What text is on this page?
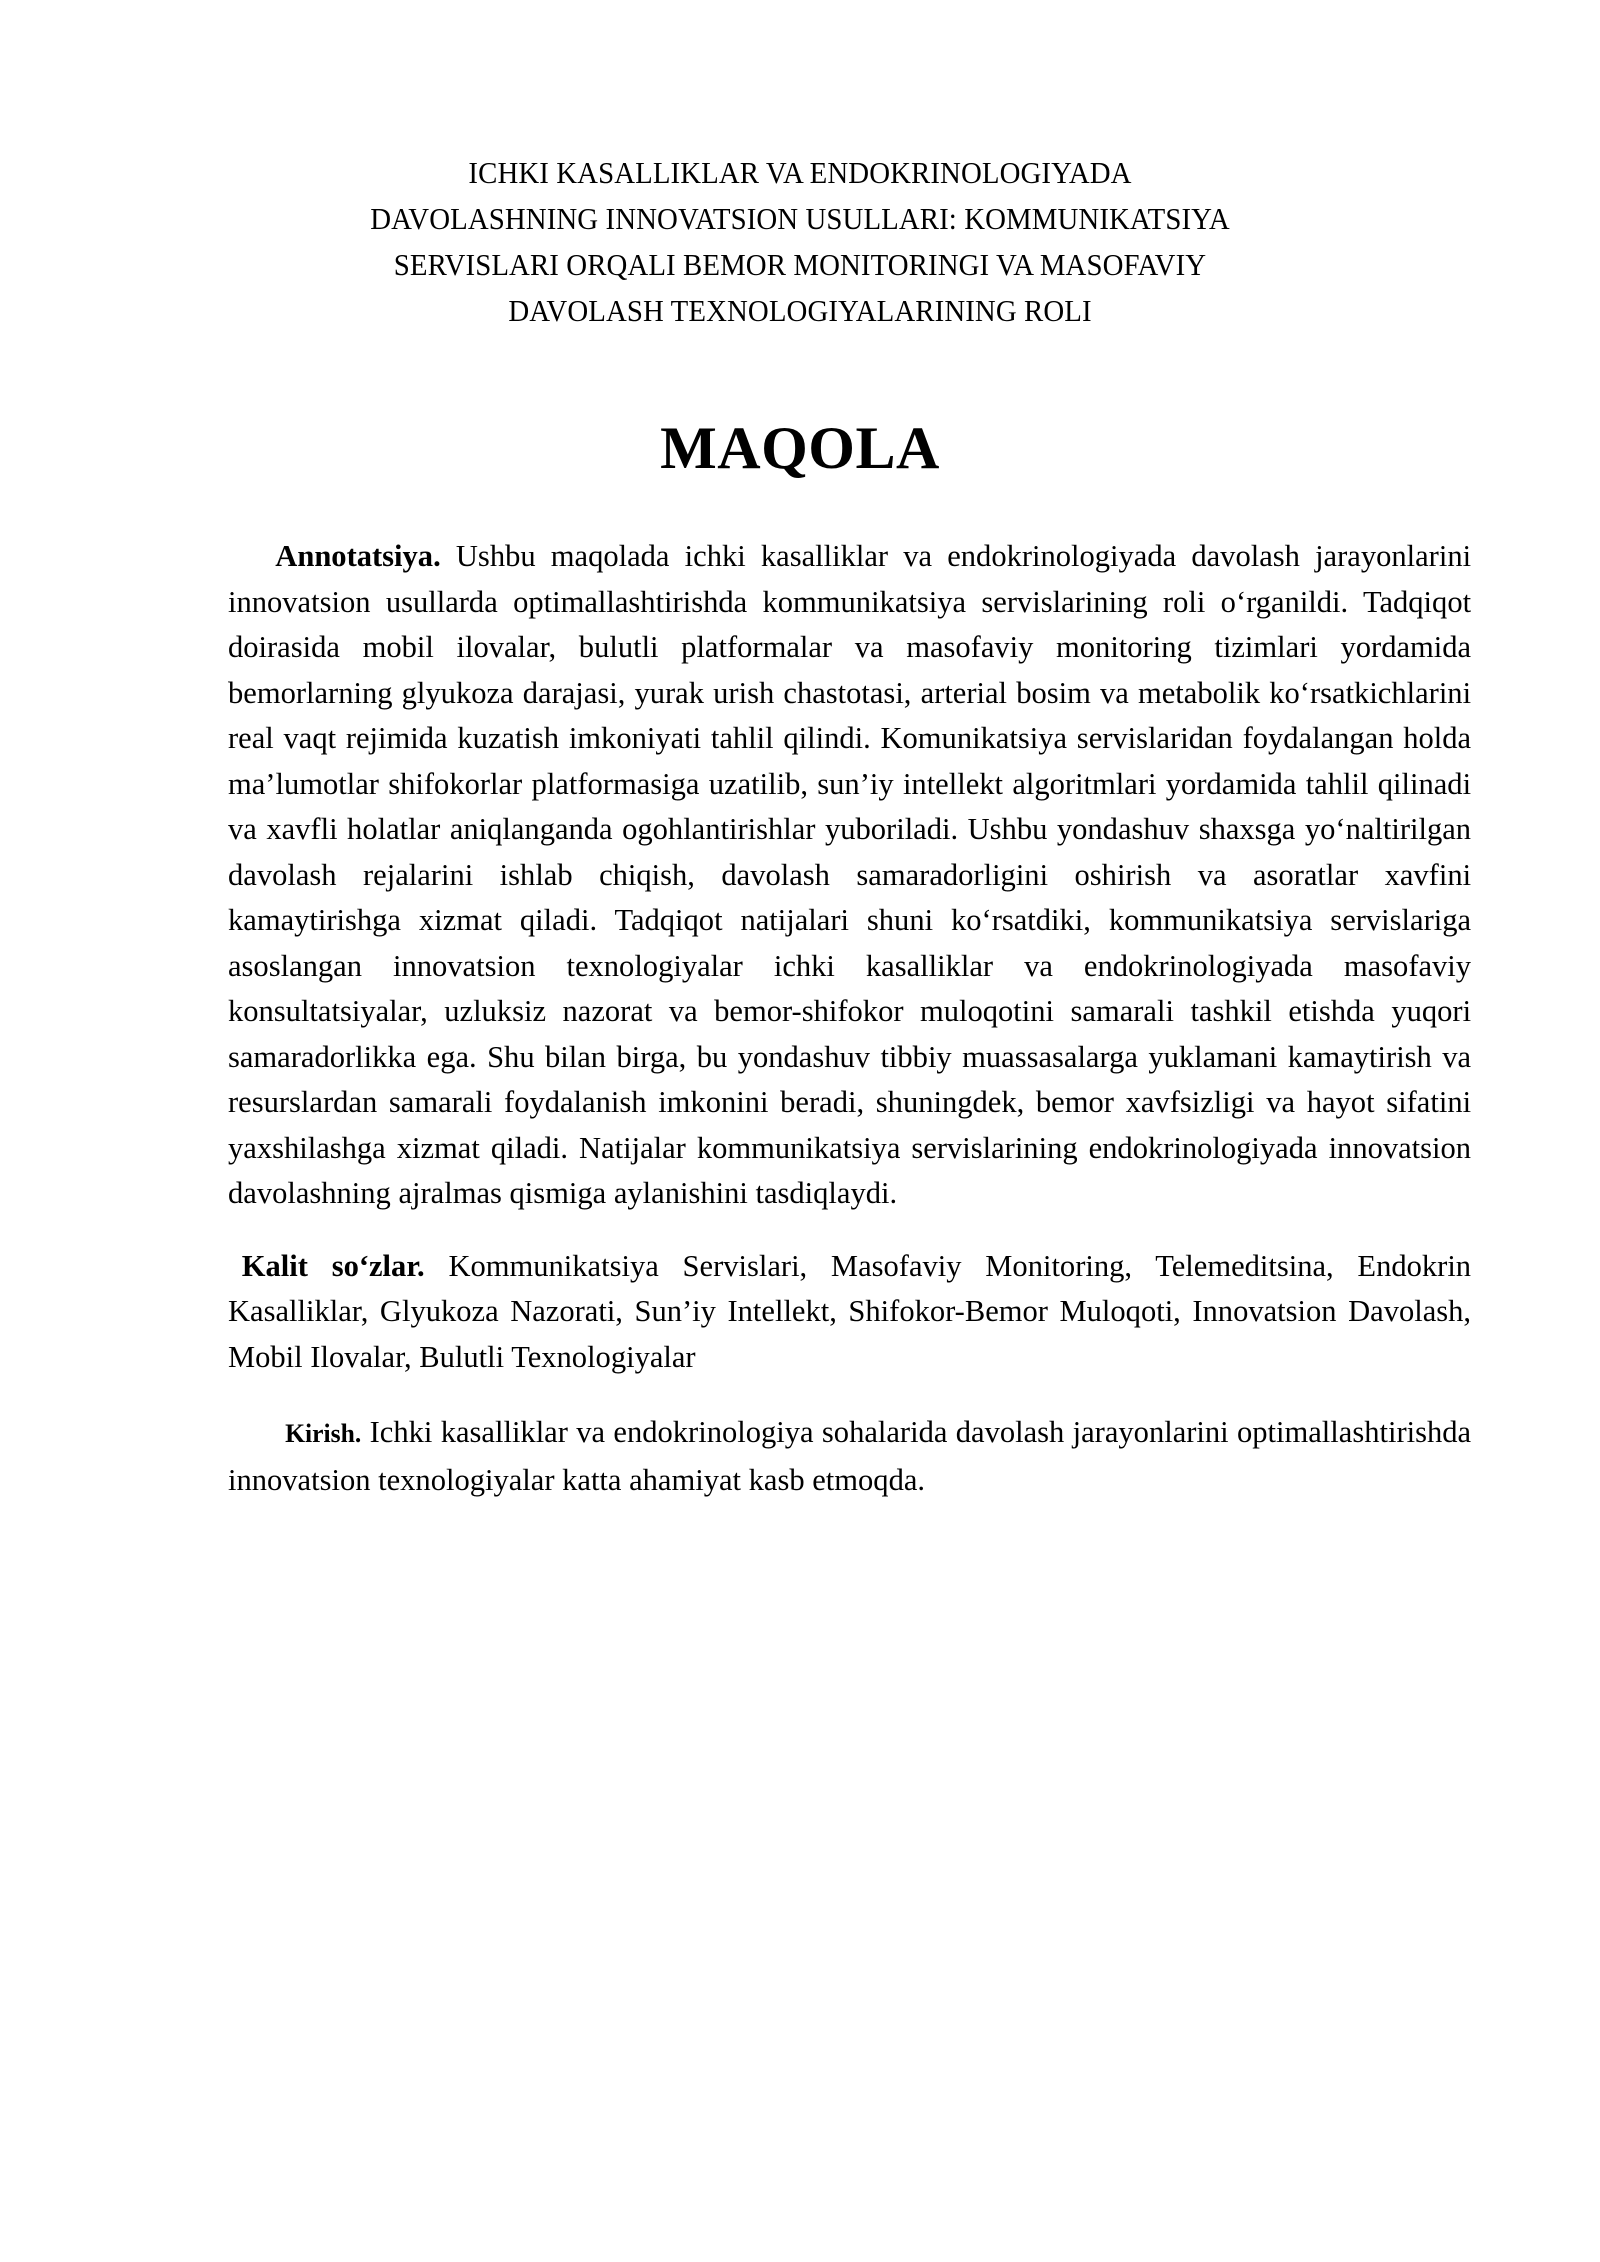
ICHKI KASALLIKLAR VA ENDOKRINOLOGIYADA
DAVOLASHNING INNOVATSION USULLARI: KOMMUNIKATSIYA
SERVISLARI ORQALI BEMOR MONITORINGI VA MASOFAVIY
DAVOLASH TEXNOLOGIYALARINING ROLI
MAQOLA

Annotatsiya. Ushbu maqolada ichki kasalliklar va endokrinologiyada davolash jarayonlarini innovatsion usullarda optimallashtirishda kommunikatsiya servislarining roli o‘rganildi. Tadqiqot doirasida mobil ilovalar, bulutli platformalar va masofaviy monitoring tizimlari yordamida bemorlarning glyukoza darajasi, yurak urish chastotasi, arterial bosim va metabolik ko‘rsatkichlarini real vaqt rejimida kuzatish imkoniyati tahlil qilindi. Komunikatsiya servislaridan foydalangan holda ma’lumotlar shifokorlar platformasiga uzatilib, sun’iy intellekt algoritmlari yordamida tahlil qilinadi va xavfli holatlar aniqlanganda ogohlantirishlar yuboriladi. Ushbu yondashuv shaxsga yo‘naltirilgan davolash rejalarini ishlab chiqish, davolash samaradorligini oshirish va asoratlar xavfini kamaytirishga xizmat qiladi. Tadqiqot natijalari shuni ko‘rsatdiki, kommunikatsiya servislariga asoslangan innovatsion texnologiyalar ichki kasalliklar va endokrinologiyada masofaviy konsultatsiyalar, uzluksiz nazorat va bemor-shifokor muloqotini samarali tashkil etishda yuqori samaradorlikka ega. Shu bilan birga, bu yondashuv tibbiy muassasalarga yuklamani kamaytirish va resurslardan samarali foydalanish imkonini beradi, shuningdek, bemor xavfsizligi va hayot sifatini yaxshilashga xizmat qiladi. Natijalar kommunikatsiya servislarining endokrinologiyada innovatsion davolashning ajralmas qismiga aylanishini tasdiqlaydi.

Kalit so‘zlar. Kommunikatsiya Servislari, Masofaviy Monitoring, Telemeditsina, Endokrin Kasalliklar, Glyukoza Nazorati, Sun’iy Intellekt, Shifokor-Bemor Muloqoti, Innovatsion Davolash, Mobil Ilovalar, Bulutli Texnologiyalar

Kirish. Ichki kasalliklar va endokrinologiya sohalarida davolash jarayonlarini optimallashtirishda innovatsion texnologiyalar katta ahamiyat kasb etmoqda.
